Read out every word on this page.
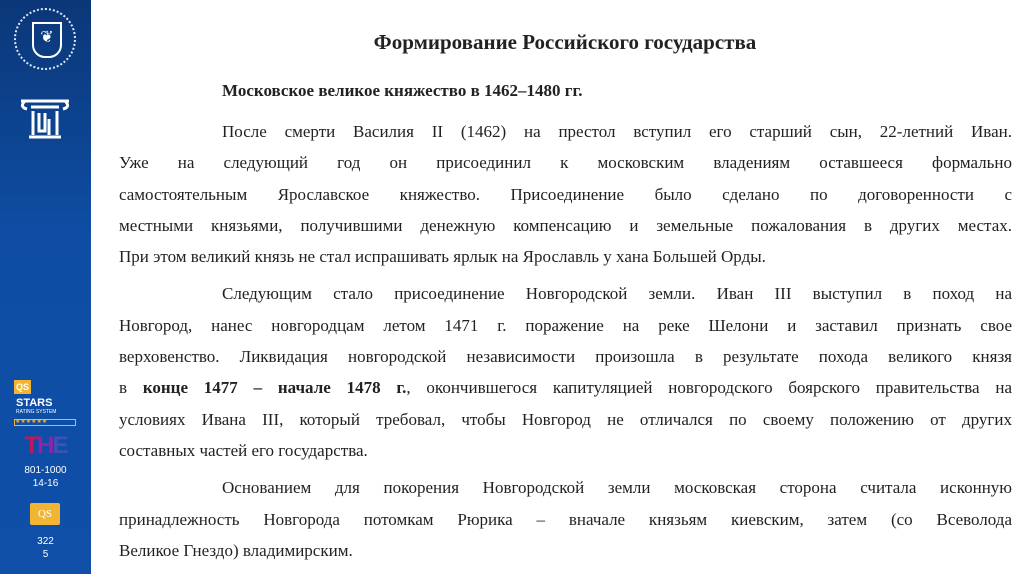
❦
QS
STARS
RATING SYSTEM
★★★★★★
THE
801-1000
14-16
QS
322
5
Формирование Российского государства
Московское великое княжество в 1462–1480 гг.
После смерти Василия II (1462) на престол вступил его старший сын, 22-летний Иван.
Уже на следующий год он присоединил к московским владениям оставшееся формально
самостоятельным Ярославское княжество. Присоединение было сделано по договоренности с
местными князьями, получившими денежную компенсацию и земельные пожалования в других местах.
При этом великий князь не стал испрашивать ярлык на Ярославль у хана Большей Орды.
Следующим стало присоединение Новгородской земли. Иван III выступил в поход на
Новгород, нанес новгородцам летом 1471 г. поражение на реке Шелони и заставил признать свое
верховенство. Ликвидация новгородской независимости произошла в результате похода великого князя
в конце 1477 – начале 1478 г., окончившегося капитуляцией новгородского боярского правительства на
условиях Ивана III, который требовал, чтобы Новгород не отличался по своему положению от других
составных частей его государства.
Основанием для покорения Новгородской земли московская сторона считала исконную
принадлежность Новгорода потомкам Рюрика – вначале князьям киевским, затем (со Всеволода
Великое Гнездо) владимирским.
